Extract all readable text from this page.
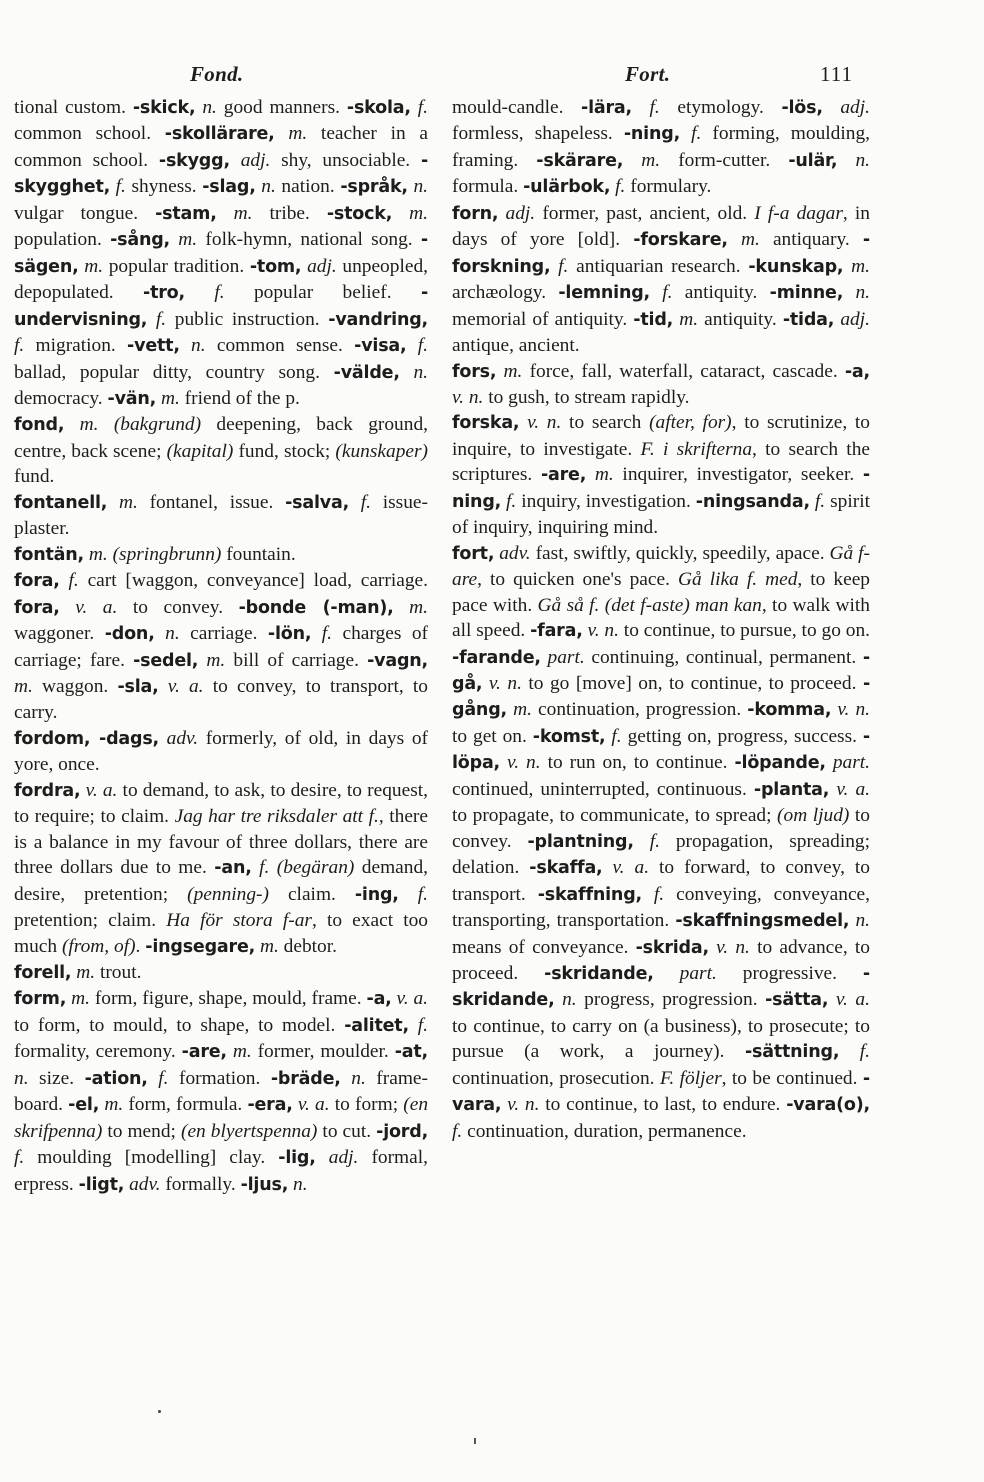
Fond.	Fort.	111

tional custom. -skick, n. good manners. -skola, f. common school. -skollärare, m. teacher in a common school. -skygg, adj. shy, unsociable. -skygghet, f. shyness. -slag, n. nation. -språk, n. vulgar tongue. -stam, m. tribe. -stock, m. population. -sång, m. folk-hymn, national song. -sägen, m. popular tradition. -tom, adj. unpeopled, depopulated. -tro, f. popular belief. -undervisning, f. public instruction. -vandring, f. migration. -vett, n. common sense. -visa, f. ballad, popular ditty, country song. -välde, n. democracy. -vän, m. friend of the p.

fond, m. (bakgrund) deepening, back ground, centre, back scene; (kapital) fund, stock; (kunskaper) fund.

fontanell, m. fontanel, issue. -salva, f. issue-plaster.

fontän, m. (springbrunn) fountain.

fora, f. cart [waggon, conveyance] load, carriage. fora, v. a. to convey. -bonde (-man), m. waggoner. -don, n. carriage. -lön, f. charges of carriage; fare. -sedel, m. bill of carriage. -vagn, m. waggon. -sla, v. a. to convey, to transport, to carry.

fordom, -dags, adv. formerly, of old, in days of yore, once.

fordra, v. a. to demand, to ask, to desire, to request, to require; to claim. Jag har tre riksdaler att f., there is a balance in my favour of three dollars, there are three dollars due to me. -an, f. (begäran) demand, desire, pretention; (penning-) claim. -ing, f. pretention; claim. Ha för stora f-ar, to exact too much (from, of). -ingsegare, m. debtor.

forell, m. trout.

form, m. form, figure, shape, mould, frame. -a, v. a. to form, to mould, to shape, to model. -alitet, f. formality, ceremony. -are, m. former, moulder. -at, n. size. -ation, f. formation. -bräde, n. frame-board. -el, m. form, formula. -era, v. a. to form; (en skrifpenna) to mend; (en blyertspenna) to cut. -jord, f. moulding [modelling] clay. -lig, adj. formal, erpress. -ligt, adv. formally. -ljus, n.

mould-candle. -lära, f. etymology. -lös, adj. formless, shapeless. -ning, f. forming, moulding, framing. -skärare, m. form-cutter. -ulär, n. formula. -ulärbok, f. formulary.

forn, adj. former, past, ancient, old. I f-a dagar, in days of yore [old]. -forskare, m. antiquary. -forskning, f. antiquarian research. -kunskap, m. archæology. -lemning, f. antiquity. -minne, n. memorial of antiquity. -tid, m. antiquity. -tida, adj. antique, ancient.

fors, m. force, fall, waterfall, cataract, cascade. -a, v. n. to gush, to stream rapidly.

forska, v. n. to search (after, for), to scrutinize, to inquire, to investigate. F. i skrifterna, to search the scriptures. -are, m. inquirer, investigator, seeker. -ning, f. inquiry, investigation. -ningsanda, f. spirit of inquiry, inquiring mind.

fort, adv. fast, swiftly, quickly, speedily, apace. Gå f-are, to quicken one's pace. Gå lika f. med, to keep pace with. Gå så f. (det f-aste) man kan, to walk with all speed. -fara, v. n. to continue, to pursue, to go on. -farande, part. continuing, continual, permanent. -gå, v. n. to go [move] on, to continue, to proceed. -gång, m. continuation, progression. -komma, v. n. to get on. -komst, f. getting on, progress, success. -löpa, v. n. to run on, to continue. -löpande, part. continued, uninterrupted, continuous. -planta, v. a. to propagate, to communicate, to spread; (om ljud) to convey. -plantning, f. propagation, spreading; delation. -skaffa, v. a. to forward, to convey, to transport. -skaffning, f. conveying, conveyance, transporting, transportation. -skaffningsmedel, n. means of conveyance. -skrida, v. n. to advance, to proceed. -skridande, part. progressive. -skridande, n. progress, progression. -sätta, v. a. to continue, to carry on (a business), to prosecute; to pursue (a work, a journey). -sättning, f. continuation, prosecution. F. följer, to be continued. -vara, v. n. to continue, to last, to endure. -vara(o), f. continuation, duration, permanence.
